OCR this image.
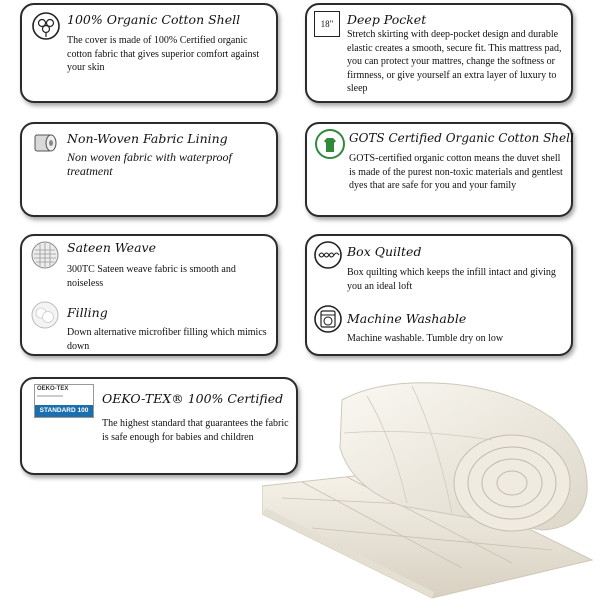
100% Organic Cotton Shell
The cover is made of 100% Certified organic cotton fabric that gives superior comfort against your skin
18" Deep Pocket
Stretch skirting with deep-pocket design and durable elastic creates a smooth, secure fit. This mattress pad, you can protect your mattres, change the softness or firmness, or give yourself an extra layer of luxury to sleep
Non-Woven Fabric Lining
Non woven fabric with waterproof treatment
GOTS Certified Organic Cotton Shell
GOTS-certified organic cotton means the duvet shell is made of the purest non-toxic materials and gentlest dyes that are safe for you and your family
Sateen Weave
300TC Sateen weave fabric is smooth and noiseless
Filling
Down alternative microfiber filling which mimics down
Box Quilted
Box quilting which keeps the infill intact and giving you an ideal loft
Machine Washable
Machine washable. Tumble dry on low
OEKO-TEX
STANDARD 100
OEKO-TEX® 100% Certified
The highest standard that guarantees the fabric is safe enough for babies and children
